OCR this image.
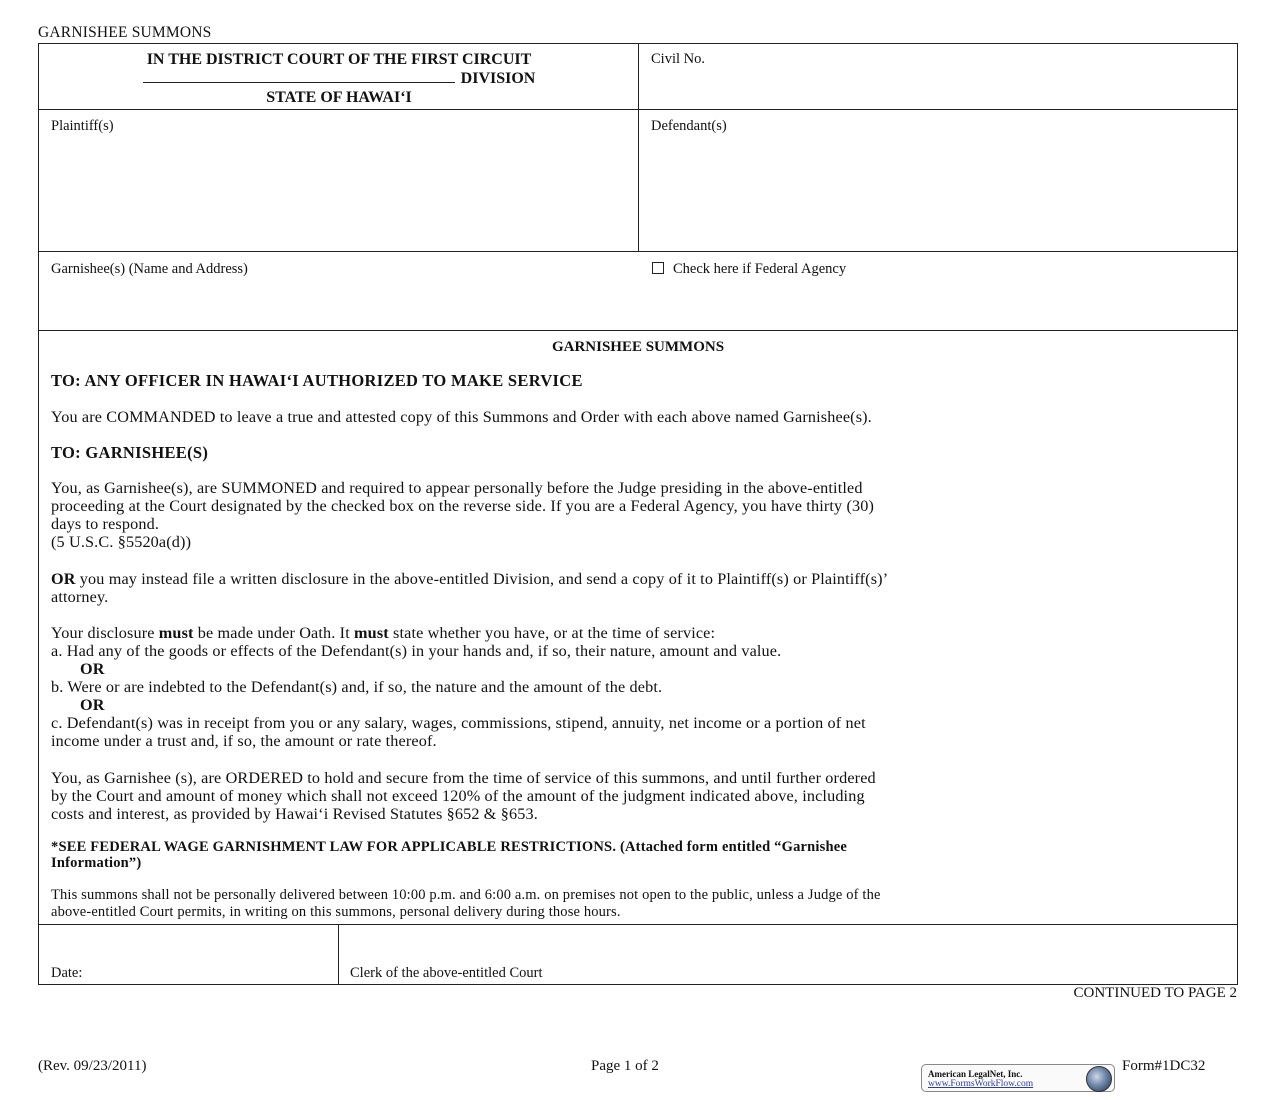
GARNISHEE SUMMONS
IN THE DISTRICT COURT OF THE FIRST CIRCUIT
DIVISION
STATE OF HAWAI‘I
Civil No.
Plaintiff(s)	Defendant(s)
Garnishee(s) (Name and Address)	Check here if Federal Agency
GARNISHEE SUMMONS
TO: ANY OFFICER IN HAWAI‘I AUTHORIZED TO MAKE SERVICE
You are COMMANDED to leave a true and attested copy of this Summons and Order with each above named Garnishee(s).
TO: GARNISHEE(S)
You, as Garnishee(s), are SUMMONED and required to appear personally before the Judge presiding in the above-entitled
proceeding at the Court designated by the checked box on the reverse side. If you are a Federal Agency, you have thirty (30)
days to respond.
(5 U.S.C. §5520a(d))
OR you may instead file a written disclosure in the above-entitled Division, and send a copy of it to Plaintiff(s) or Plaintiff(s)’
attorney.
Your disclosure must be made under Oath. It must state whether you have, or at the time of service:
a. Had any of the goods or effects of the Defendant(s) in your hands and, if so, their nature, amount and value.
OR
b. Were or are indebted to the Defendant(s) and, if so, the nature and the amount of the debt.
OR
c. Defendant(s) was in receipt from you or any salary, wages, commissions, stipend, annuity, net income or a portion of net
income under a trust and, if so, the amount or rate thereof.
You, as Garnishee (s), are ORDERED to hold and secure from the time of service of this summons, and until further ordered
by the Court and amount of money which shall not exceed 120% of the amount of the judgment indicated above, including
costs and interest, as provided by Hawai‘i Revised Statutes §652 & §653.
*SEE FEDERAL WAGE GARNISHMENT LAW FOR APPLICABLE RESTRICTIONS. (Attached form entitled “Garnishee
Information”)
This summons shall not be personally delivered between 10:00 p.m. and 6:00 a.m. on premises not open to the public, unless a Judge of the
above-entitled Court permits, in writing on this summons, personal delivery during those hours.
Date:	Clerk of the above-entitled Court
CONTINUED TO PAGE 2
(Rev. 09/23/2011)	Page 1 of 2	American LegalNet, Inc.
www.FormsWorkFlow.com
Form#1DC32
